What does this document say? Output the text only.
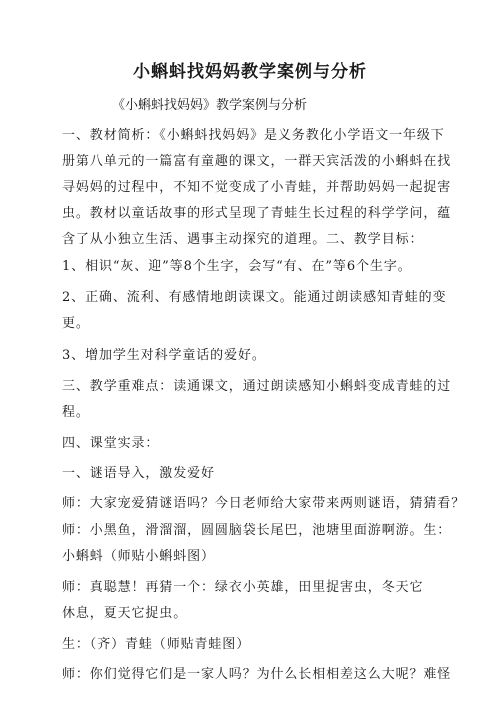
小蝌蚪找妈妈教学案例与分析
《小蝌蚪找妈妈》教学案例与分析
一、教材简析：《小蝌蚪找妈妈》是义务教化小学语文一年级下
册第八单元的一篇富有童趣的课文，一群天宾活泼的小蝌蚪在找
寻妈妈的过程中，不知不觉变成了小青蛙，并帮助妈妈一起捉害
虫。教材以童话故事的形式呈现了青蛙生长过程的科学学问，蕴
含了从小独立生活、遇事主动探究的道理。二、教学目标：
1、相识“灰、迎”等8个生字，会写“有、在”等6个生字。
2、正确、流利、有感情地朗读课文。能通过朗读感知青蛙的变
更。
3、增加学生对科学童话的爱好。
三、教学重难点：读通课文，通过朗读感知小蝌蚪变成青蛙的过
程。
四、课堂实录：
一、谜语导入，激发爱好
师：大家宠爱猜谜语吗？今日老师给大家带来两则谜语，猜猜看？
师：小黑鱼，滑溜溜，圆圆脑袋长尾巴，池塘里面游啊游。生：
小蝌蚪（师贴小蝌蚪图）
师：真聪慧！再猜一个：绿衣小英雄，田里捉害虫，冬天它
休息，夏天它捉虫。
生：（齐）青蛙（师贴青蛙图）
师：你们觉得它们是一家人吗？为什么长相相差这么大呢？难怪
